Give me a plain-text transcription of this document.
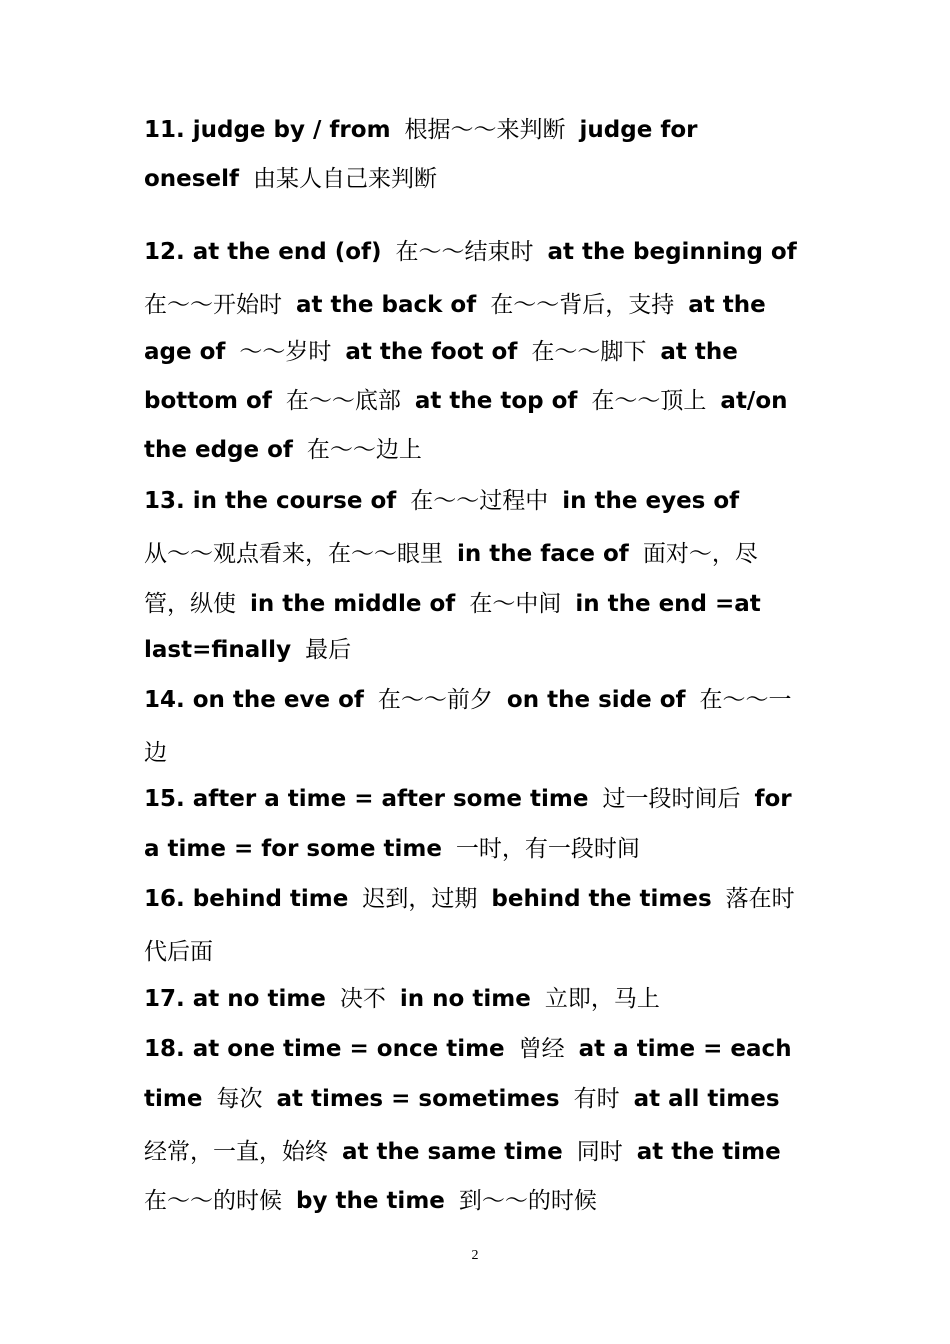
11. judge by / from 根据～～来判断 judge for
oneself 由某人自己来判断
12. at the end (of) 在～～结束时 at the beginning of
在～～开始时 at the back of 在～～背后，支持 at the
age of ～～岁时 at the foot of 在～～脚下 at the
bottom of 在～～底部 at the top of 在～～顶上 at/on
the edge of 在～～边上
13. in the course of 在～～过程中 in the eyes of
从～～观点看来，在～～眼里 in the face of 面对～，尽
管，纵使 in the middle of 在～中间 in the end =at
last=finally 最后
14. on the eve of 在～～前夕 on the side of 在～～一
边
15. after a time = after some time 过一段时间后 for
a time = for some time 一时，有一段时间
16. behind time 迟到，过期 behind the times 落在时
代后面
17. at no time 决不 in no time 立即，马上
18. at one time = once time 曾经 at a time = each
time 每次 at times = sometimes 有时 at all times
经常，一直，始终 at the same time 同时 at the time
在～～的时候 by the time 到～～的时候
2
